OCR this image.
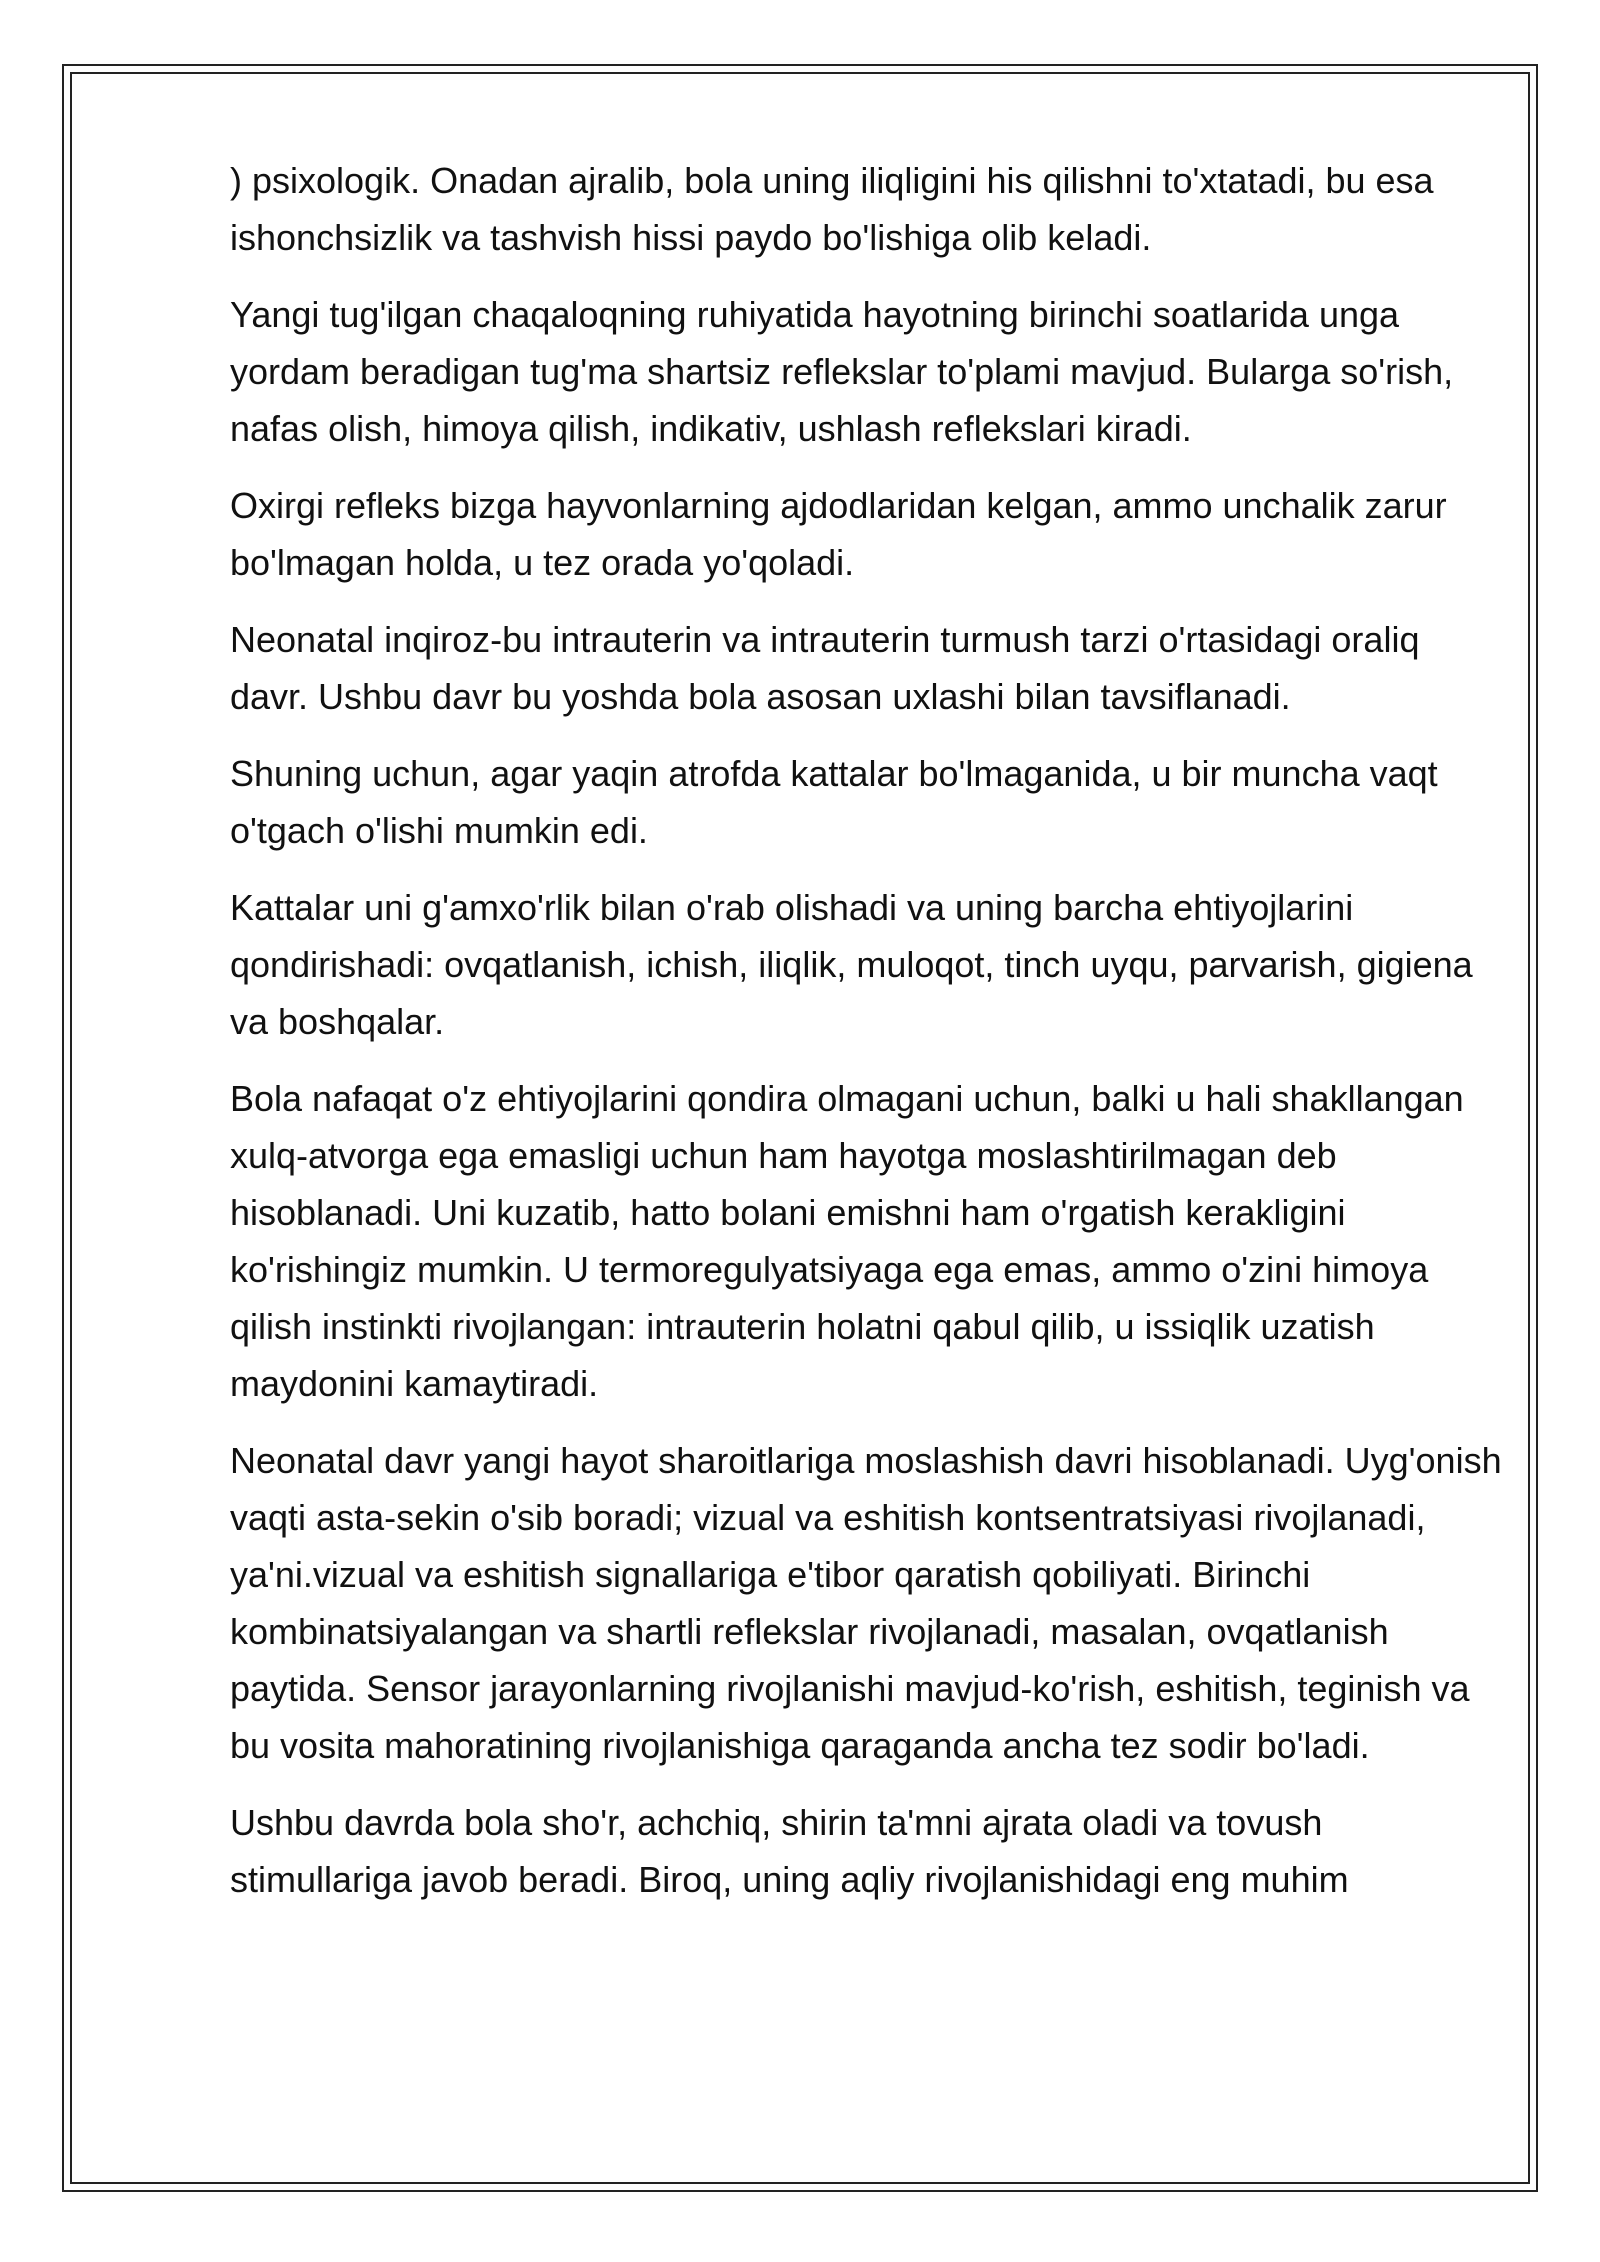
) psixologik. Onadan ajralib, bola uning iliqligini his qilishni to'xtatadi, bu esa ishonchsizlik va tashvish hissi paydo bo'lishiga olib keladi.

Yangi tug'ilgan chaqaloqning ruhiyatida hayotning birinchi soatlarida unga yordam beradigan tug'ma shartsiz reflekslar to'plami mavjud. Bularga so'rish, nafas olish, himoya qilish, indikativ, ushlash reflekslari kiradi.

Oxirgi refleks bizga hayvonlarning ajdodlaridan kelgan, ammo unchalik zarur bo'lmagan holda, u tez orada yo'qoladi.

Neonatal inqiroz-bu intrauterin va intrauterin turmush tarzi o'rtasidagi oraliq davr. Ushbu davr bu yoshda bola asosan uxlashi bilan tavsiflanadi.

Shuning uchun, agar yaqin atrofda kattalar bo'lmaganida, u bir muncha vaqt o'tgach o'lishi mumkin edi.

Kattalar uni g'amxo'rlik bilan o'rab olishadi va uning barcha ehtiyojlarini qondirishadi: ovqatlanish, ichish, iliqlik, muloqot, tinch uyqu, parvarish, gigiena va boshqalar.

Bola nafaqat o'z ehtiyojlarini qondira olmagani uchun, balki u hali shakllangan xulq-atvorga ega emasligi uchun ham hayotga moslashtirilmagan deb hisoblanadi. Uni kuzatib, hatto bolani emishni ham o'rgatish kerakligini ko'rishingiz mumkin. U termoregulyatsiyaga ega emas, ammo o'zini himoya qilish instinkti rivojlangan: intrauterin holatni qabul qilib, u issiqlik uzatish maydonini kamaytiradi.

Neonatal davr yangi hayot sharoitlariga moslashish davri hisoblanadi. Uyg'onish vaqti asta-sekin o'sib boradi; vizual va eshitish kontsentratsiyasi rivojlanadi, ya'ni.vizual va eshitish signallariga e'tibor qaratish qobiliyati. Birinchi kombinatsiyalangan va shartli reflekslar rivojlanadi, masalan, ovqatlanish paytida. Sensor jarayonlarning rivojlanishi mavjud-ko'rish, eshitish, teginish va bu vosita mahoratining rivojlanishiga qaraganda ancha tez sodir bo'ladi.

Ushbu davrda bola sho'r, achchiq, shirin ta'mni ajrata oladi va tovush stimullariga javob beradi. Biroq, uning aqliy rivojlanishidagi eng muhim
